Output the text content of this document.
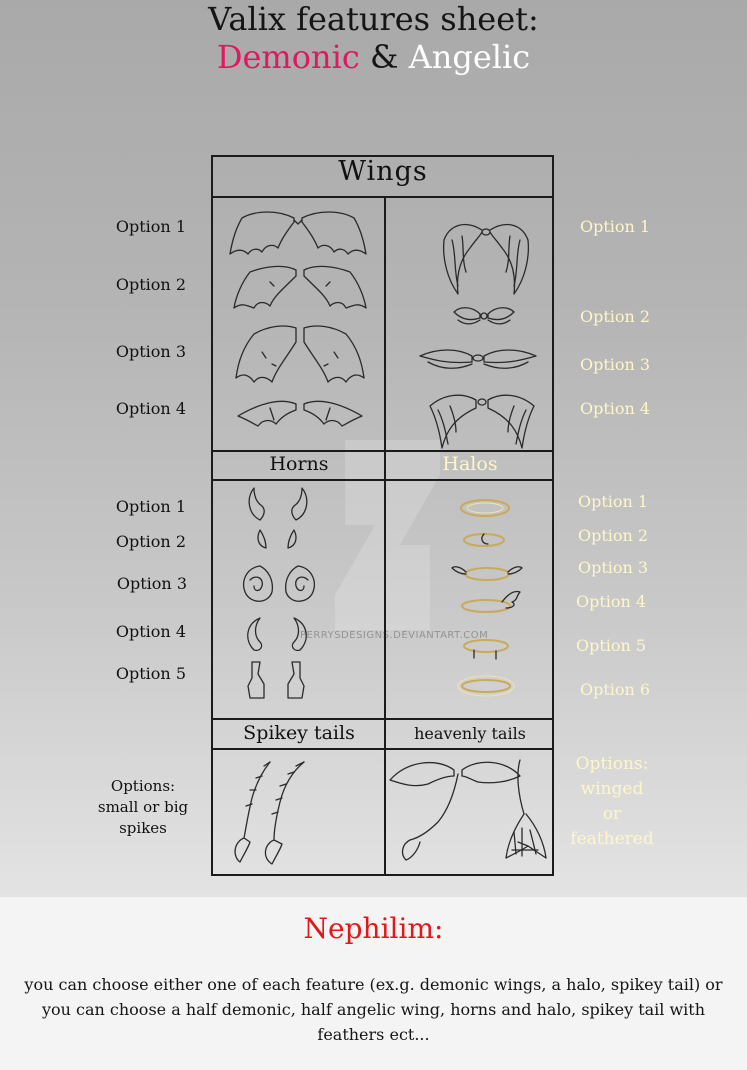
Valix features sheet:
Demonic & Angelic
Wings
Horns	Halos
Spikey tails	heavenly tails
Option 1
Option 2
Option 3
Option 4
Option 1
Option 2
Option 3
Option 4
Option 1
Option 2
Option 3
Option 4
Option 5
Option 1
Option 2
Option 3
Option 4
Option 5
Option 6
Options:
small or big
spikes
Options:
winged
or
feathered
PERRYSDESIGNS.DEVIANTART.COM
Nephilim:
you can choose either one of each feature (ex.g. demonic wings, a halo, spikey tail) or you can choose a half demonic, half angelic wing, horns and halo, spikey tail with feathers ect...
